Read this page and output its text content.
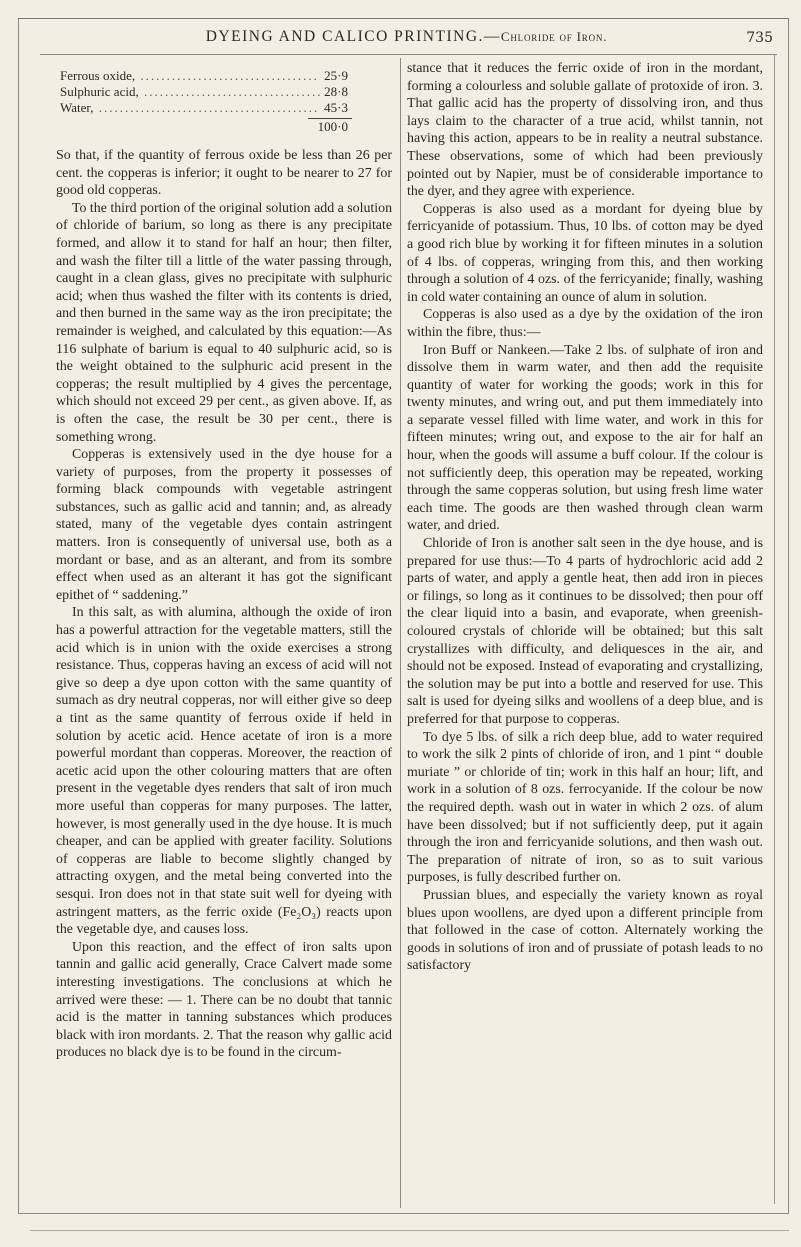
DYEING AND CALICO PRINTING.—Chloride of Iron.	735
Ferrous oxide, .....	25·9
Sulphuric acid, .....	28·8
Water, .....	45·3
100·0

So that, if the quantity of ferrous oxide be less than 26 per cent. the copperas is inferior; it ought to be nearer to 27 for good old copperas.

To the third portion of the original solution add a solution of chloride of barium, so long as there is any precipitate formed, and allow it to stand for half an hour; then filter, and wash the filter till a little of the water passing through, caught in a clean glass, gives no precipitate with sulphuric acid; when thus washed the filter with its contents is dried, and then burned in the same way as the iron precipitate; the remainder is weighed, and calculated by this equation:—As 116 sulphate of barium is equal to 40 sulphuric acid, so is the weight obtained to the sulphuric acid present in the copperas; the result multiplied by 4 gives the percentage, which should not exceed 29 per cent., as given above. If, as is often the case, the result be 30 per cent., there is something wrong.

Copperas is extensively used in the dye house for a variety of purposes, from the property it possesses of forming black compounds with vegetable astringent substances, such as gallic acid and tannin; and, as already stated, many of the vegetable dyes contain astringent matters. Iron is consequently of universal use, both as a mordant or base, and as an alterant, and from its sombre effect when used as an alterant it has got the significant epithet of “ saddening.”

In this salt, as with alumina, although the oxide of iron has a powerful attraction for the vegetable matters, still the acid which is in union with the oxide exercises a strong resistance. Thus, copperas having an excess of acid will not give so deep a dye upon cotton with the same quantity of sumach as dry neutral copperas, nor will either give so deep a tint as the same quantity of ferrous oxide if held in solution by acetic acid. Hence acetate of iron is a more powerful mordant than copperas. Moreover, the reaction of acetic acid upon the other colouring matters that are often present in the vegetable dyes renders that salt of iron much more useful than copperas for many purposes. The latter, however, is most generally used in the dye house. It is much cheaper, and can be applied with greater facility. Solutions of copperas are liable to become slightly changed by attracting oxygen, and the metal being converted into the sesqui. Iron does not in that state suit well for dyeing with astringent matters, as the ferric oxide (Fe₂O₃) reacts upon the vegetable dye, and causes loss.

Upon this reaction, and the effect of iron salts upon tannin and gallic acid generally, Crace Calvert made some interesting investigations. The conclusions at which he arrived were these: — 1. There can be no doubt that tannic acid is the matter in tanning substances which produces black with iron mordants. 2. That the reason why gallic acid produces no black dye is to be found in the circum-

stance that it reduces the ferric oxide of iron in the mordant, forming a colourless and soluble gallate of protoxide of iron. 3. That gallic acid has the property of dissolving iron, and thus lays claim to the character of a true acid, whilst tannin, not having this action, appears to be in reality a neutral substance. These observations, some of which had been previously pointed out by Napier, must be of considerable importance to the dyer, and they agree with experience.

Copperas is also used as a mordant for dyeing blue by ferricyanide of potassium. Thus, 10 lbs. of cotton may be dyed a good rich blue by working it for fifteen minutes in a solution of 4 lbs. of copperas, wringing from this, and then working through a solution of 4 ozs. of the ferricyanide; finally, washing in cold water containing an ounce of alum in solution.

Copperas is also used as a dye by the oxidation of the iron within the fibre, thus:—

Iron Buff or Nankeen.—Take 2 lbs. of sulphate of iron and dissolve them in warm water, and then add the requisite quantity of water for working the goods; work in this for twenty minutes, and wring out, and put them immediately into a separate vessel filled with lime water, and work in this for fifteen minutes; wring out, and expose to the air for half an hour, when the goods will assume a buff colour. If the colour is not sufficiently deep, this operation may be repeated, working through the same copperas solution, but using fresh lime water each time. The goods are then washed through clean warm water, and dried.

Chloride of Iron is another salt seen in the dye house, and is prepared for use thus:—To 4 parts of hydrochloric acid add 2 parts of water, and apply a gentle heat, then add iron in pieces or filings, so long as it continues to be dissolved; then pour off the clear liquid into a basin, and evaporate, when greenish-coloured crystals of chloride will be obtained; but this salt crystallizes with difficulty, and deliquesces in the air, and should not be exposed. Instead of evaporating and crystallizing, the solution may be put into a bottle and reserved for use. This salt is used for dyeing silks and woollens of a deep blue, and is preferred for that purpose to copperas.

To dye 5 lbs. of silk a rich deep blue, add to water required to work the silk 2 pints of chloride of iron, and 1 pint “ double muriate ” or chloride of tin; work in this half an hour; lift, and work in a solution of 8 ozs. ferrocyanide. If the colour be now the required depth. wash out in water in which 2 ozs. of alum have been dissolved; but if not sufficiently deep, put it again through the iron and ferricyanide solutions, and then wash out. The preparation of nitrate of iron, so as to suit various purposes, is fully described further on.

Prussian blues, and especially the variety known as royal blues upon woollens, are dyed upon a different principle from that followed in the case of cotton. Alternately working the goods in solutions of iron and of prussiate of potash leads to no satisfactory
